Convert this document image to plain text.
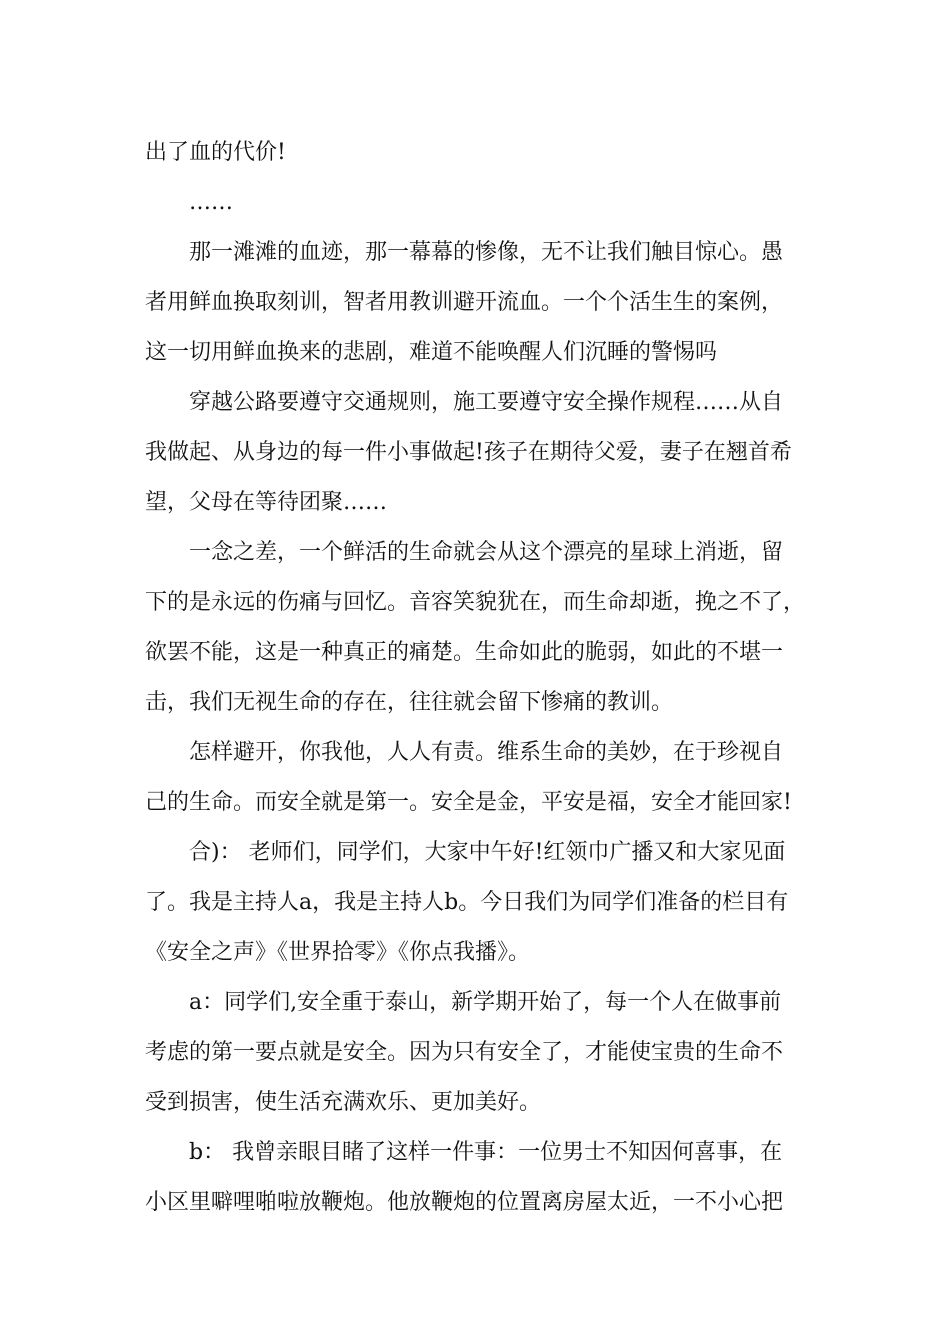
出了血的代价!
……
那一滩滩的血迹，那一幕幕的惨像，无不让我们触目惊心。愚
者用鲜血换取刻训，智者用教训避开流血。一个个活生生的案例，
这一切用鲜血换来的悲剧，难道不能唤醒人们沉睡的警惕吗
穿越公路要遵守交通规则，施工要遵守安全操作规程……从自
我做起、从身边的每一件小事做起!孩子在期待父爱，妻子在翘首希
望，父母在等待团聚……
一念之差，一个鲜活的生命就会从这个漂亮的星球上消逝，留
下的是永远的伤痛与回忆。音容笑貌犹在，而生命却逝，挽之不了，
欲罢不能，这是一种真正的痛楚。生命如此的脆弱，如此的不堪一
击，我们无视生命的存在，往往就会留下惨痛的教训。
怎样避开，你我他，人人有责。维系生命的美妙，在于珍视自
己的生命。而安全就是第一。安全是金，平安是福，安全才能回家!
合)： 老师们，同学们，大家中午好!红领巾广播又和大家见面
了。我是主持人a，我是主持人b。今日我们为同学们准备的栏目有
《安全之声》《世界拾零》《你点我播》。
a：同学们,安全重于泰山，新学期开始了，每一个人在做事前
考虑的第一要点就是安全。因为只有安全了，才能使宝贵的生命不
受到损害，使生活充满欢乐、更加美好。
b： 我曾亲眼目睹了这样一件事：一位男士不知因何喜事，在
小区里噼哩啪啦放鞭炮。他放鞭炮的位置离房屋太近，一不小心把
